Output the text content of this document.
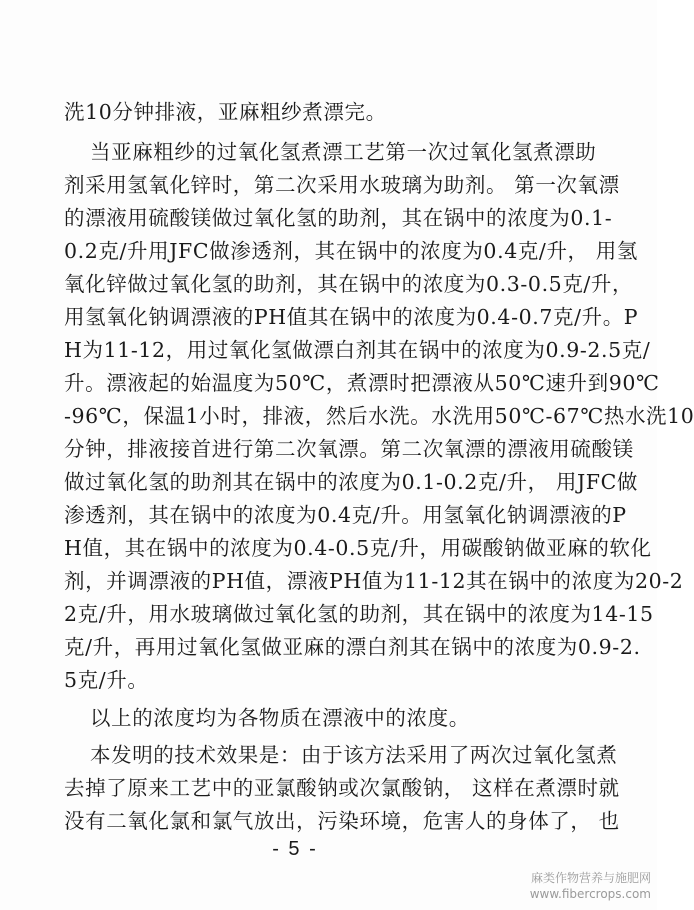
洗10分钟排液，亚麻粗纱煮漂完。
当亚麻粗纱的过氧化氢煮漂工艺第一次过氧化氢煮漂助
剂采用氢氧化锌时，第二次采用水玻璃为助剂。 第一次氧漂
的漂液用硫酸镁做过氧化氢的助剂，其在锅中的浓度为0.1-
0.2克/升用JFC做渗透剂，其在锅中的浓度为0.4克/升， 用氢
氧化锌做过氧化氢的助剂，其在锅中的浓度为0.3-0.5克/升，
用氢氧化钠调漂液的PH值其在锅中的浓度为0.4-0.7克/升。P
H为11-12，用过氧化氢做漂白剂其在锅中的浓度为0.9-2.5克/
升。漂液起的始温度为50℃，煮漂时把漂液从50℃速升到90℃
-96℃，保温1小时，排液，然后水洗。水洗用50℃-67℃热水洗10
分钟，排液接首进行第二次氧漂。第二次氧漂的漂液用硫酸镁
做过氧化氢的助剂其在锅中的浓度为0.1-0.2克/升， 用JFC做
渗透剂，其在锅中的浓度为0.4克/升。用氢氧化钠调漂液的P
H值，其在锅中的浓度为0.4-0.5克/升，用碳酸钠做亚麻的软化
剂，并调漂液的PH值，漂液PH值为11-12其在锅中的浓度为20-2
2克/升，用水玻璃做过氧化氢的助剂，其在锅中的浓度为14-15
克/升，再用过氧化氢做亚麻的漂白剂其在锅中的浓度为0.9-2.
5克/升。
以上的浓度均为各物质在漂液中的浓度。
本发明的技术效果是：由于该方法采用了两次过氧化氢煮
去掉了原来工艺中的亚氯酸钠或次氯酸钠， 这样在煮漂时就
没有二氧化氯和氯气放出，污染环境，危害人的身体了， 也
- 5 -
麻类作物营养与施肥网
www.fibercrops.com
